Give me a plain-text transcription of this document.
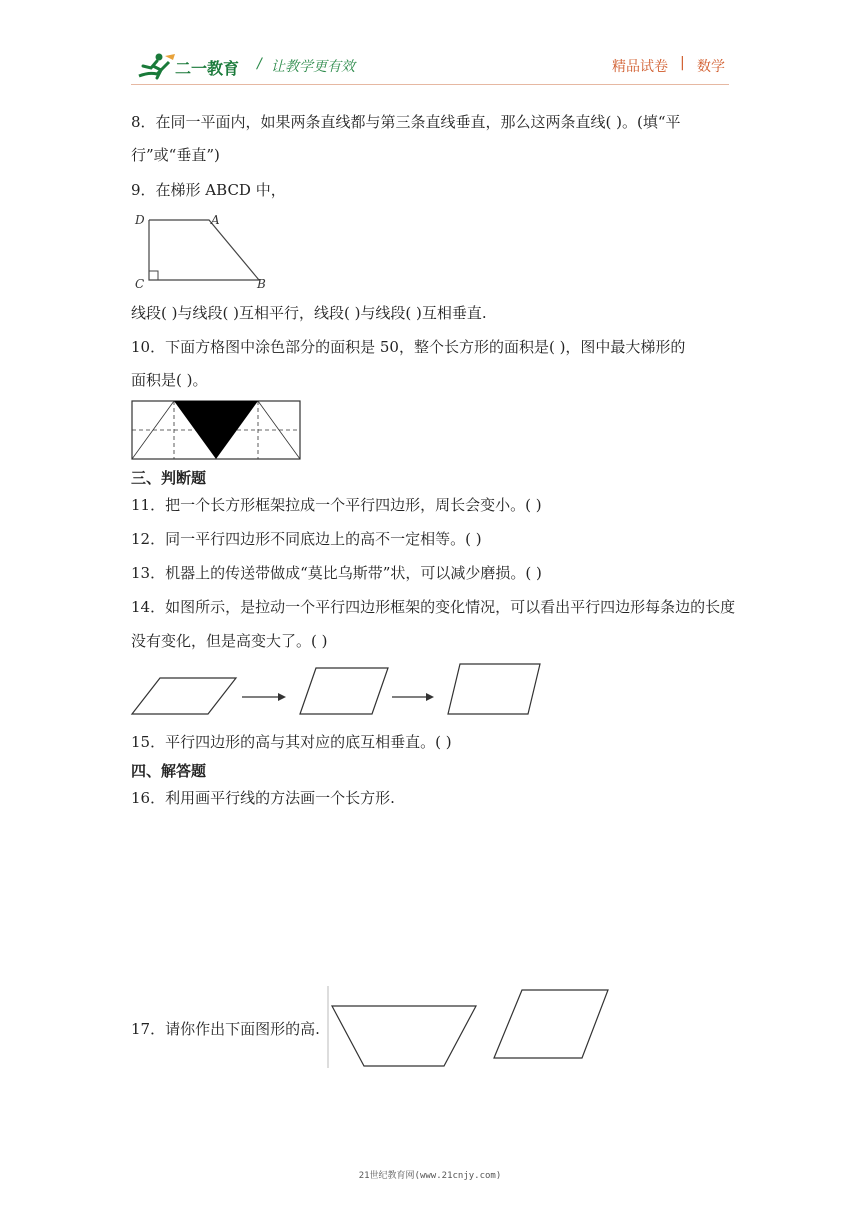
二一教育 / 让教学更有效	精品试卷 | 数学
8．在同一平面内，如果两条直线都与第三条直线垂直，那么这两条直线( )。(填“平
行”或“垂直”)
9．在梯形 ABCD 中，
D	A
C	B
线段( )与线段( )互相平行，线段( )与线段( )互相垂直.
10．下面方格图中涂色部分的面积是 50，整个长方形的面积是( )，图中最大梯形的
面积是( )。
三、判断题
11．把一个长方形框架拉成一个平行四边形，周长会变小。( )
12．同一平行四边形不同底边上的高不一定相等。( )
13．机器上的传送带做成“莫比乌斯带”状，可以减少磨损。( )
14．如图所示，是拉动一个平行四边形框架的变化情况，可以看出平行四边形每条边的长度
没有变化，但是高变大了。( )
15．平行四边形的高与其对应的底互相垂直。( )
四、解答题
16．利用画平行线的方法画一个长方形.
17．请你作出下面图形的高.
21世纪教育网(www.21cnjy.com)
